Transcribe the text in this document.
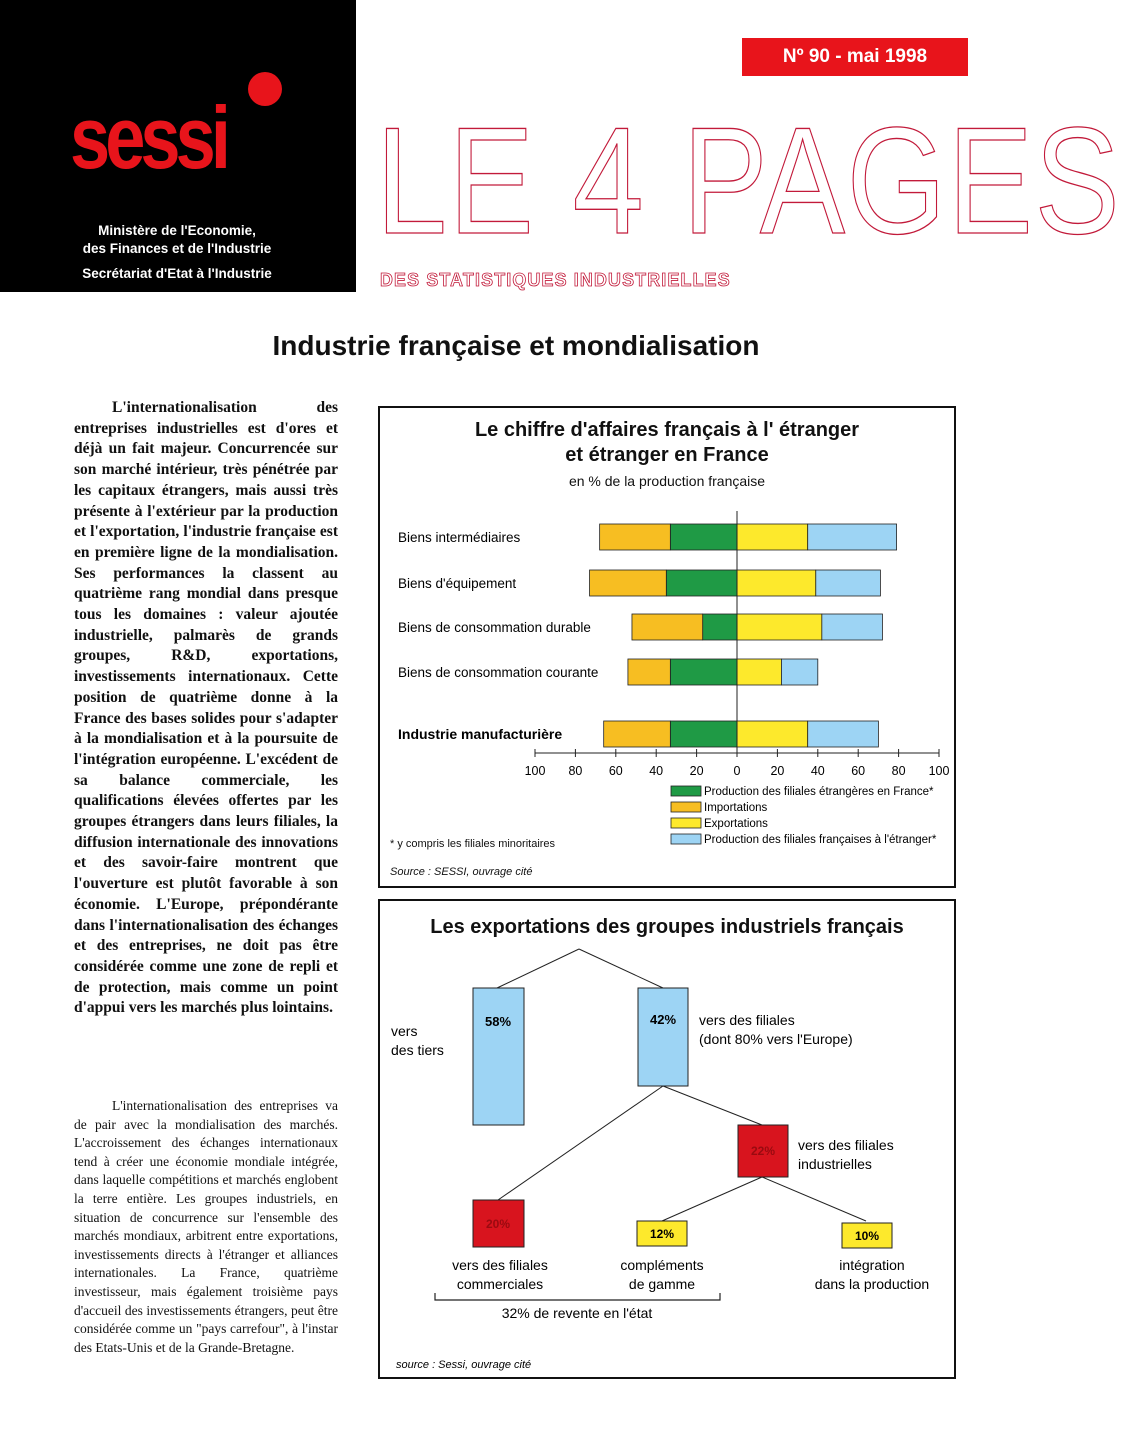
sessi
Ministère de l'Economie,
des Finances et de l'Industrie
Secrétariat d'Etat à l'Industrie
Nº 90 - mai 1998
LE 4 PAGES
DES STATISTIQUES INDUSTRIELLES
Industrie française et mondialisation
L'internationalisation des entreprises industrielles est d'ores et déjà un fait majeur. Concurrencée sur son marché intérieur, très pénétrée par les capitaux étrangers, mais aussi très présente à l'extérieur par la production et l'exportation, l'industrie française est en première ligne de la mondialisation. Ses performances la classent au quatrième rang mondial dans presque tous les domaines : valeur ajoutée industrielle, palmarès de grands groupes, R&D, exportations, investissements internationaux. Cette position de quatrième donne à la France des bases solides pour s'adapter à la mondialisation et à la poursuite de l'intégration européenne. L'excédent de sa balance commerciale, les qualifications élevées offertes par les groupes étrangers dans leurs filiales, la diffusion internationale des innovations et des savoir-faire montrent que l'ouverture est plutôt favorable à son économie. L'Europe, prépondérante dans l'internationalisation des échanges et des entreprises, ne doit pas être considérée comme une zone de repli et de protection, mais comme un point d'appui vers les marchés plus lointains.
L'internationalisation des entreprises va de pair avec la mondialisation des marchés. L'accroissement des échanges internationaux tend à créer une économie mondiale intégrée, dans laquelle compétitions et marchés englobent la terre entière. Les groupes industriels, en situation de concurrence sur l'ensemble des marchés mondiaux, arbitrent entre exportations, investissements directs à l'étranger et alliances internationales. La France, quatrième investisseur, mais également troisième pays d'accueil des investissements étrangers, peut être considérée comme un "pays carrefour", à l'instar des Etats-Unis et de la Grande-Bretagne.
Le chiffre d'affaires français à l' étranger
et étranger en France
en % de la production française
Biens intermédiaires
Biens d'équipement
Biens de consommation durable
Biens de consommation courante
Industrie manufacturière
100 80 60 40 20 0 20 40 60 80 100
Production des filiales étrangères en France*
Importations
Exportations
Production des filiales françaises à l'étranger*
* y compris les filiales minoritaires
Source : SESSI, ouvrage cité
Les exportations des groupes industriels français
58%	42%
22%
20%
12%	10%
vers
des tiers
vers des filiales
(dont 80% vers l'Europe)
vers des filiales
industrielles
vers des filiales
commerciales
compléments
de gamme
intégration
dans la production
32% de revente en l'état
source : Sessi, ouvrage cité
